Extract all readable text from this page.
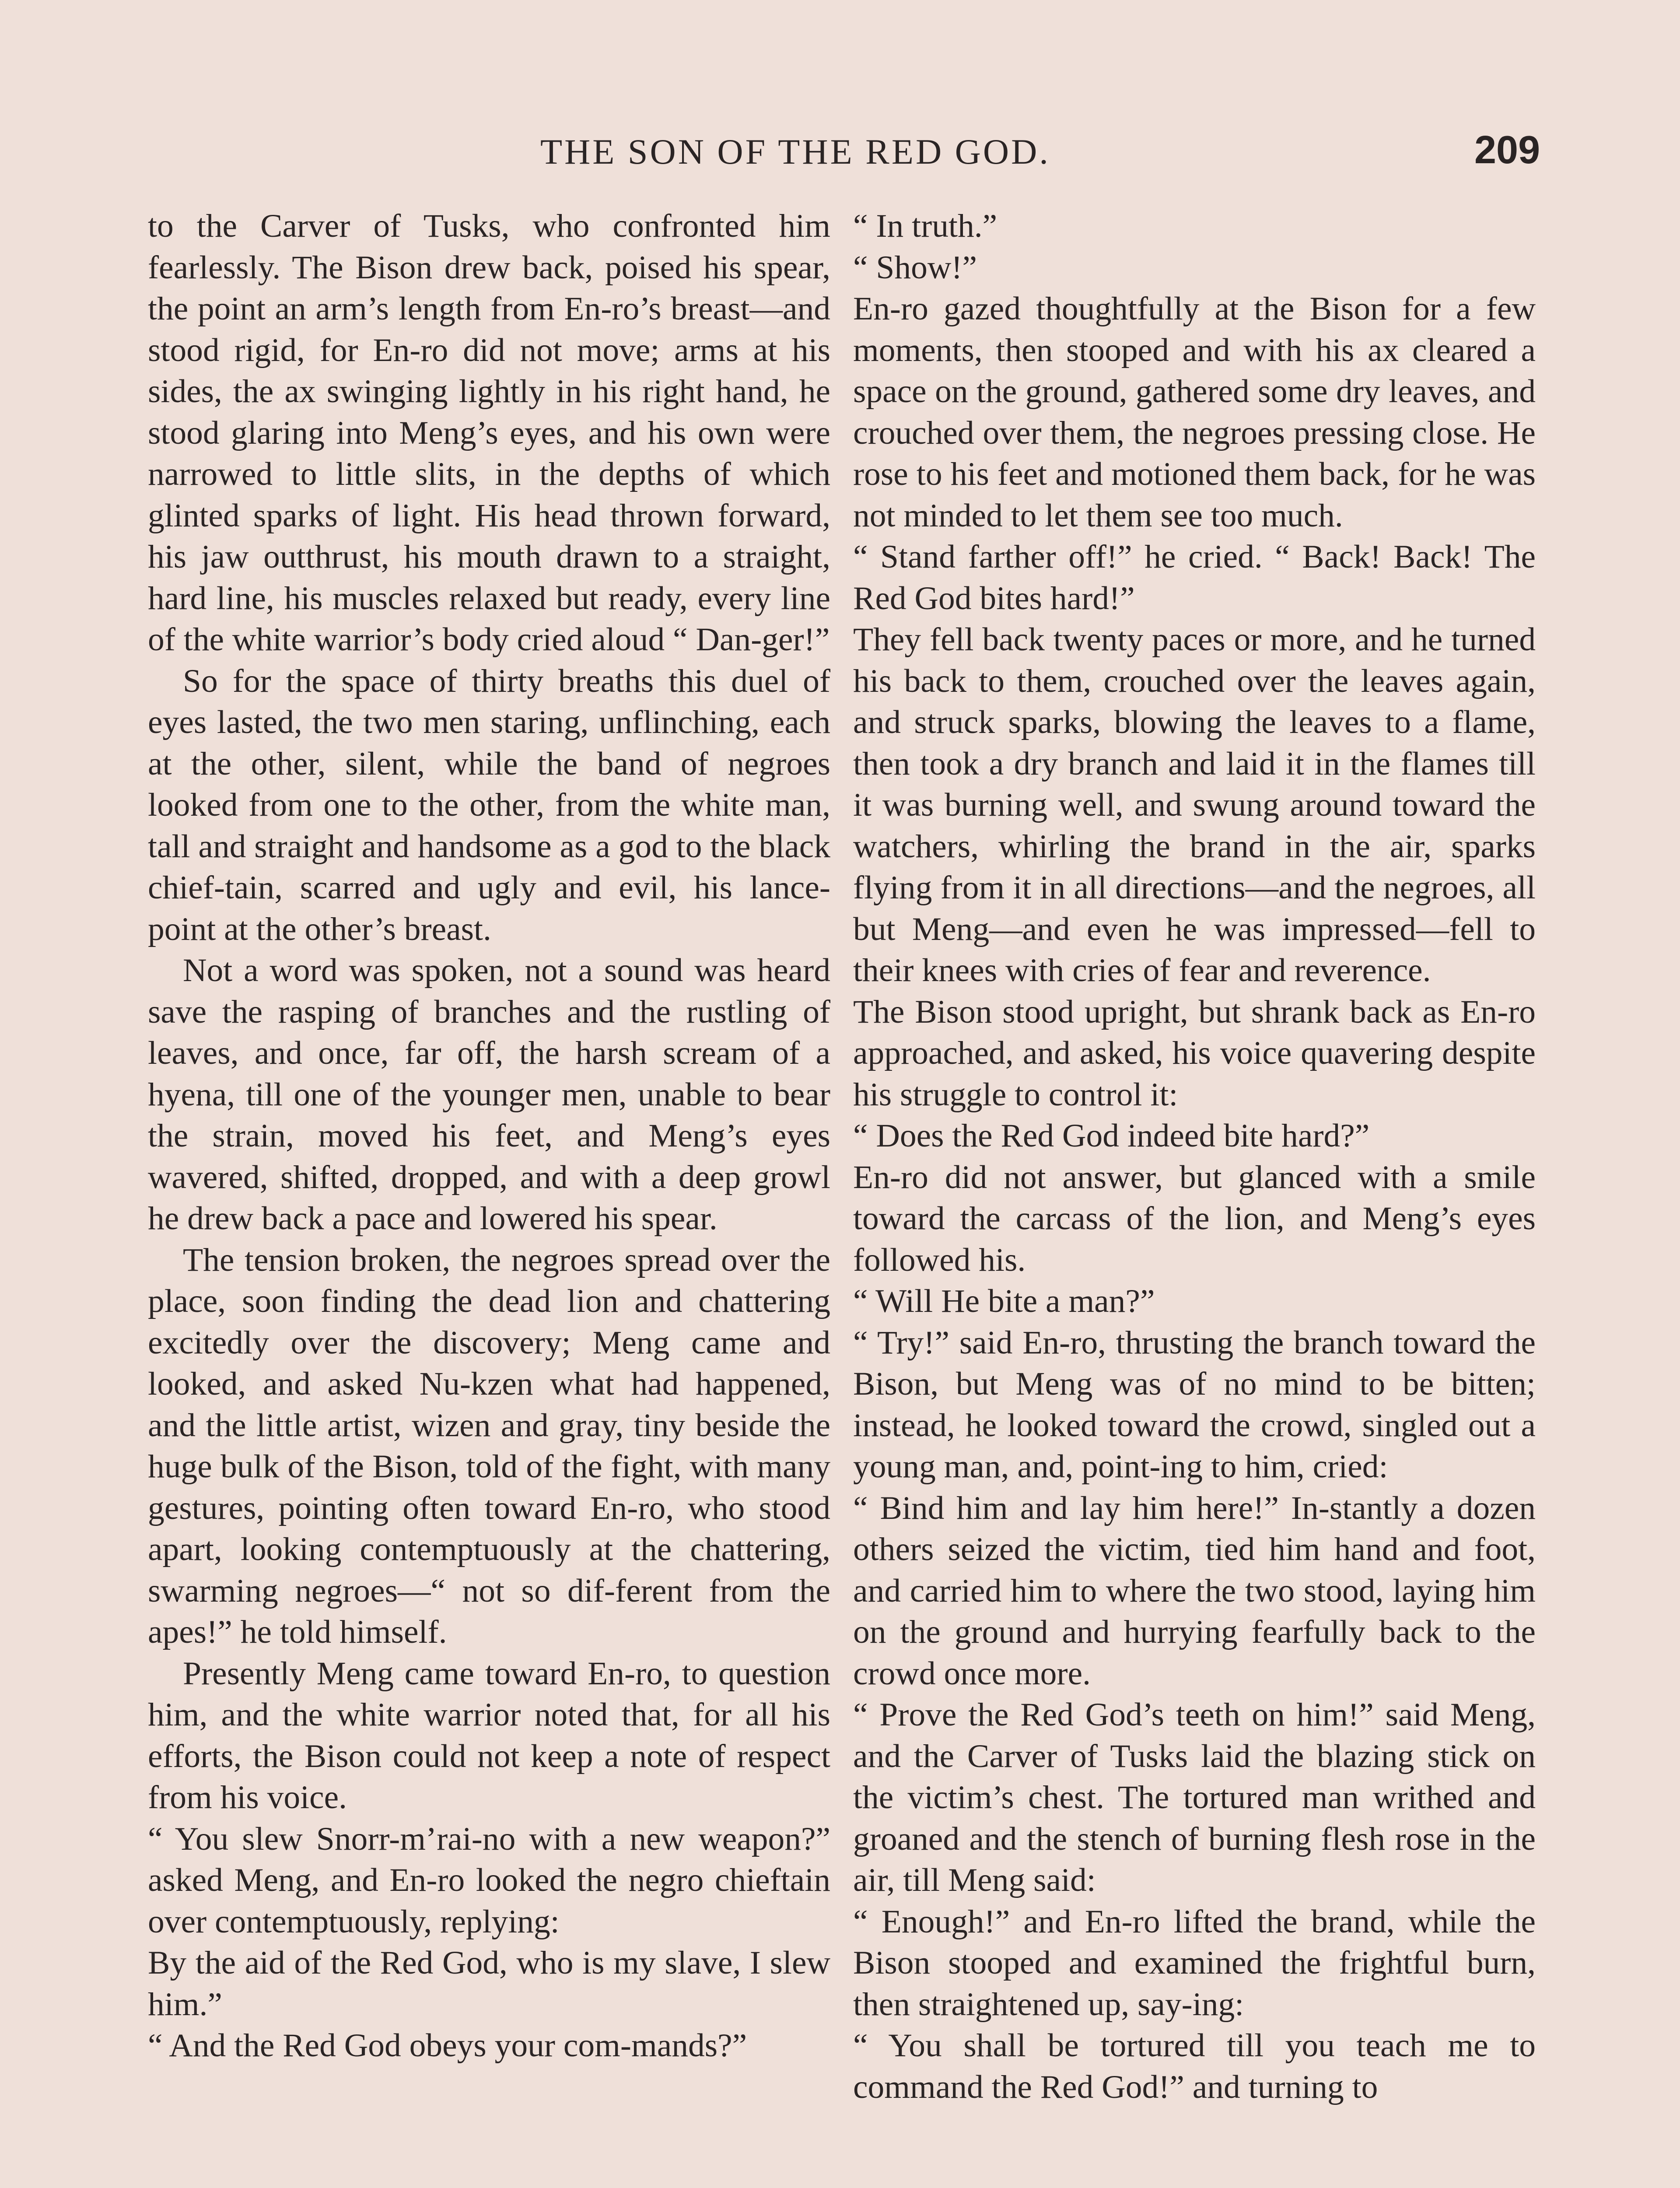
THE SON OF THE RED GOD.	209
to the Carver of Tusks, who confronted him fearlessly. The Bison drew back, poised his spear, the point an arm’s length from En-ro’s breast—and stood rigid, for En-ro did not move; arms at his sides, the ax swinging lightly in his right hand, he stood glaring into Meng’s eyes, and his own were narrowed to little slits, in the depths of which glinted sparks of light. His head thrown forward, his jaw outthrust, his mouth drawn to a straight, hard line, his muscles relaxed but ready, every line of the white warrior’s body cried aloud “ Dan-ger!”
So for the space of thirty breaths this duel of eyes lasted, the two men staring, unflinching, each at the other, silent, while the band of negroes looked from one to the other, from the white man, tall and straight and handsome as a god to the black chief-tain, scarred and ugly and evil, his lance-point at the other’s breast.
Not a word was spoken, not a sound was heard save the rasping of branches and the rustling of leaves, and once, far off, the harsh scream of a hyena, till one of the younger men, unable to bear the strain, moved his feet, and Meng’s eyes wavered, shifted, dropped, and with a deep growl he drew back a pace and lowered his spear.
The tension broken, the negroes spread over the place, soon finding the dead lion and chattering excitedly over the discovery; Meng came and looked, and asked Nu-kzen what had happened, and the little artist, wizen and gray, tiny beside the huge bulk of the Bison, told of the fight, with many gestures, pointing often toward En-ro, who stood apart, looking contemptuously at the chattering, swarming negroes—“ not so dif-ferent from the apes!” he told himself.
Presently Meng came toward En-ro, to question him, and the white warrior noted that, for all his efforts, the Bison could not keep a note of respect from his voice.
“ You slew Snorr-m’rai-no with a new weapon?” asked Meng, and En-ro looked the negro chieftain over contemptuously, replying:
By the aid of the Red God, who is my slave, I slew him.”
“ And the Red God obeys your com-mands?”
“ In truth.”
“ Show!”
En-ro gazed thoughtfully at the Bison for a few moments, then stooped and with his ax cleared a space on the ground, gathered some dry leaves, and crouched over them, the negroes pressing close. He rose to his feet and motioned them back, for he was not minded to let them see too much.
“ Stand farther off!” he cried. “ Back! Back! The Red God bites hard!”
They fell back twenty paces or more, and he turned his back to them, crouched over the leaves again, and struck sparks, blowing the leaves to a flame, then took a dry branch and laid it in the flames till it was burning well, and swung around toward the watchers, whirling the brand in the air, sparks flying from it in all directions—and the negroes, all but Meng—and even he was impressed—fell to their knees with cries of fear and reverence.
The Bison stood upright, but shrank back as En-ro approached, and asked, his voice quavering despite his struggle to control it:
“ Does the Red God indeed bite hard?”
En-ro did not answer, but glanced with a smile toward the carcass of the lion, and Meng’s eyes followed his.
“ Will He bite a man?”
“ Try!” said En-ro, thrusting the branch toward the Bison, but Meng was of no mind to be bitten; instead, he looked toward the crowd, singled out a young man, and, point-ing to him, cried:
“ Bind him and lay him here!” In-stantly a dozen others seized the victim, tied him hand and foot, and carried him to where the two stood, laying him on the ground and hurrying fearfully back to the crowd once more.
“ Prove the Red God’s teeth on him!” said Meng, and the Carver of Tusks laid the blazing stick on the victim’s chest. The tortured man writhed and groaned and the stench of burning flesh rose in the air, till Meng said:
“ Enough!” and En-ro lifted the brand, while the Bison stooped and examined the frightful burn, then straightened up, say-ing:
“ You shall be tortured till you teach me to command the Red God!” and turning to
